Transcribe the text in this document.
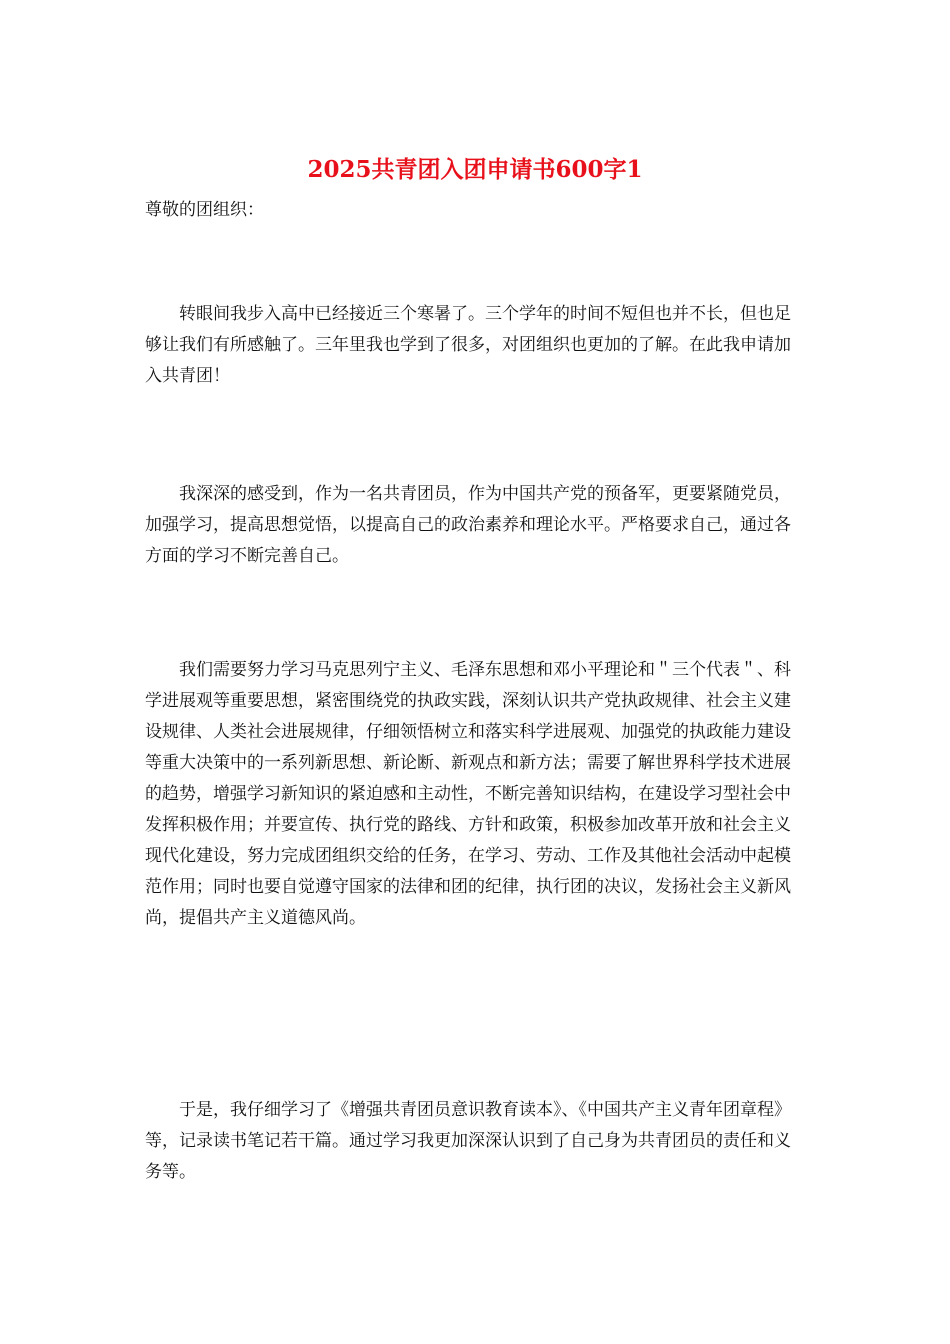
2025共青团入团申请书600字1

尊敬的团组织：

转眼间我步入高中已经接近三个寒暑了。三个学年的时间不短但也并不长，但也足够让我们有所感触了。三年里我也学到了很多，对团组织也更加的了解。在此我申请加入共青团！

我深深的感受到，作为一名共青团员，作为中国共产党的预备军，更要紧随党员，加强学习，提高思想觉悟，以提高自己的政治素养和理论水平。严格要求自己，通过各方面的学习不断完善自己。

我们需要努力学习马克思列宁主义、毛泽东思想和邓小平理论和＂三个代表＂、科学进展观等重要思想，紧密围绕党的执政实践，深刻认识共产党执政规律、社会主义建设规律、人类社会进展规律，仔细领悟树立和落实科学进展观、加强党的执政能力建设等重大决策中的一系列新思想、新论断、新观点和新方法；需要了解世界科学技术进展的趋势，增强学习新知识的紧迫感和主动性，不断完善知识结构，在建设学习型社会中发挥积极作用；并要宣传、执行党的路线、方针和政策，积极参加改革开放和社会主义现代化建设，努力完成团组织交给的任务，在学习、劳动、工作及其他社会活动中起模范作用；同时也要自觉遵守国家的法律和团的纪律，执行团的决议，发扬社会主义新风尚，提倡共产主义道德风尚。

于是，我仔细学习了《增强共青团员意识教育读本》、《中国共产主义青年团章程》等，记录读书笔记若干篇。通过学习我更加深深认识到了自己身为共青团员的责任和义务等。
